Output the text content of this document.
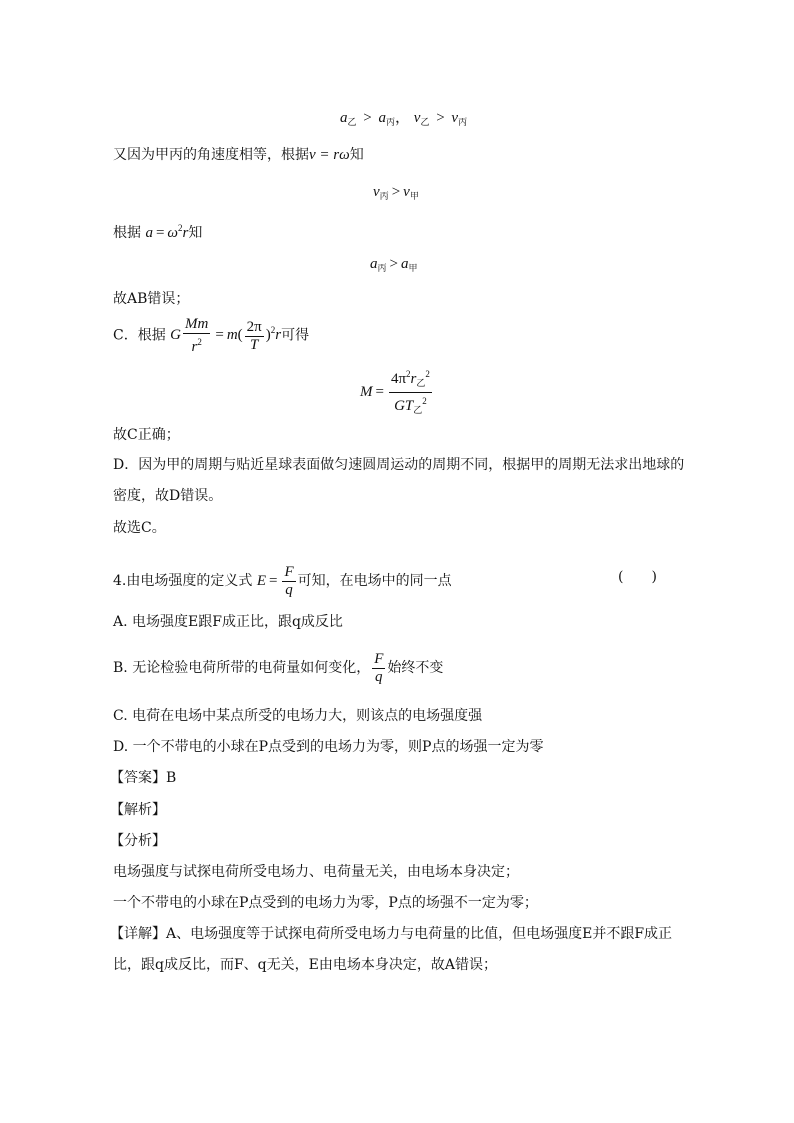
$a_乙 > a_丙$， $v_乙 > v_丙$
又因为甲丙的角速度相等，根据v = rω知
$v_丙 > v_甲$
根据 $a = \omega^2r$知
$a_丙 > a_甲$
故AB错误；
C．根据 G $\frac{Mm}{r^2} = m( \frac{2\pi}{T} )^2r$可得
$M = \frac{4\pi^2r_乙^2}{GT_乙^2}$
故C正确；
D．因为甲的周期与贴近星球表面做匀速圆周运动的周期不同，根据甲的周期无法求出地球的
密度，故D错误。
故选C。
4.由电场强度的定义式 $E = \frac{F}{q}$ 可知，在电场中的同一点	(　　)
A. 电场强度E跟F成正比，跟q成反比
B. 无论检验电荷所带的电荷量如何变化， $\frac{F}{q}$ 始终不变
C. 电荷在电场中某点所受的电场力大，则该点的电场强度强
D. 一个不带电的小球在P点受到的电场力为零，则P点的场强一定为零
【答案】B
【解析】
【分析】
电场强度与试探电荷所受电场力、电荷量无关，由电场本身决定；
一个不带电的小球在P点受到的电场力为零，P点的场强不一定为零；
【详解】A、电场强度等于试探电荷所受电场力与电荷量的比值，但电场强度E并不跟F成正
比，跟q成反比，而F、q无关，E由电场本身决定，故A错误；
